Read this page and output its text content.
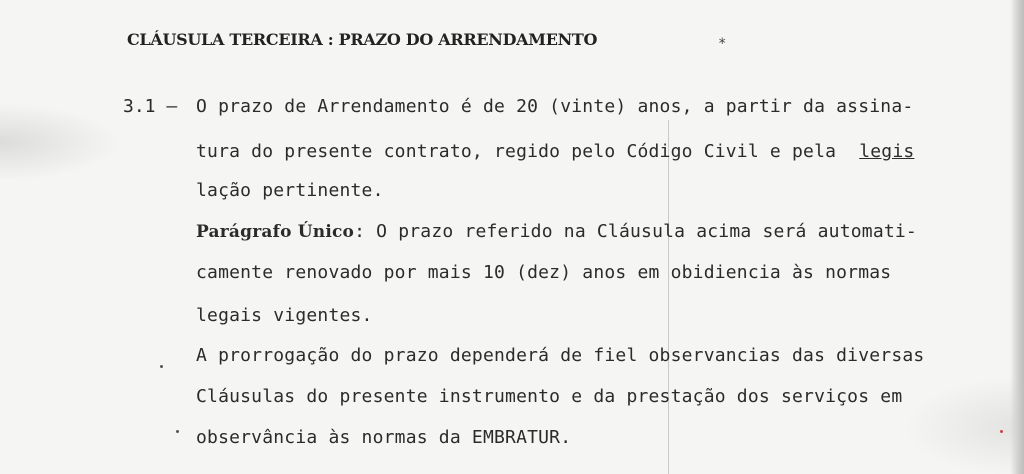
CLÁUSULA TERCEIRA : PRAZO DO ARRENDAMENTO	*
3.1 – O prazo de Arrendamento é de 20 (vinte) anos, a partir da assina-
tura do presente contrato, regido pelo Código Civil e pela legis
lação pertinente.
Parágrafo Único: O prazo referido na Cláusula acima será automati-
camente renovado por mais 10 (dez) anos em obidiencia às normas
legais vigentes.
A prorrogação do prazo dependerá de fiel observancias das diversas
Cláusulas do presente instrumento e da prestação dos serviços em
observância às normas da EMBRATUR.
